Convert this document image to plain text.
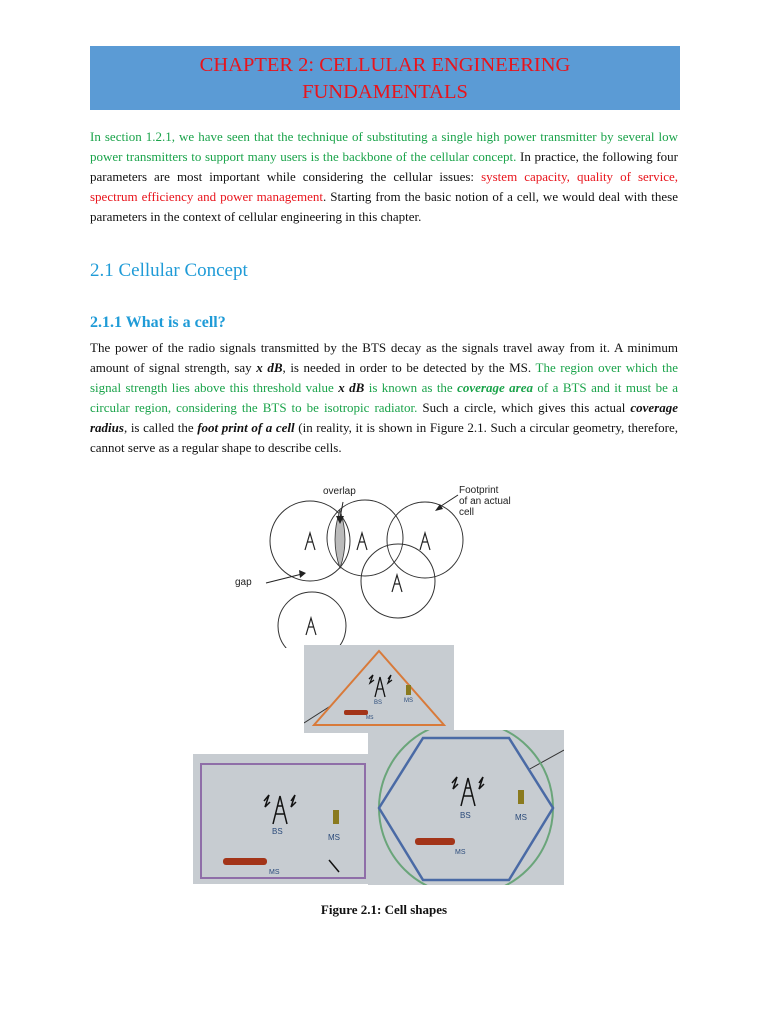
CHAPTER 2: CELLULAR ENGINEERING
FUNDAMENTALS
In section 1.2.1, we have seen that the technique of substituting a single high power transmitter by several low power transmitters to support many users is the backbone of the cellular concept. In practice, the following four parameters are most important while considering the cellular issues: system capacity, quality of service, spectrum efficiency and power management. Starting from the basic notion of a cell, we would deal with these parameters in the context of cellular engineering in this chapter.
2.1 Cellular Concept
2.1.1 What is a cell?
The power of the radio signals transmitted by the BTS decay as the signals travel away from it. A minimum amount of signal strength, say x dB, is needed in order to be detected by the MS. The region over which the signal strength lies above this threshold value x dB is known as the coverage area of a BTS and it must be a circular region, considering the BTS to be isotropic radiator. Such a circle, which gives this actual coverage radius, is called the foot print of a cell (in reality, it is shown in Figure 2.1. Such a circular geometry, therefore, cannot serve as a regular shape to describe cells.
overlap	Footprint
of an actual
cell
gap
BS	MS
MS
BS
MS
MS
BS	MS
MS
Figure 2.1: Cell shapes
